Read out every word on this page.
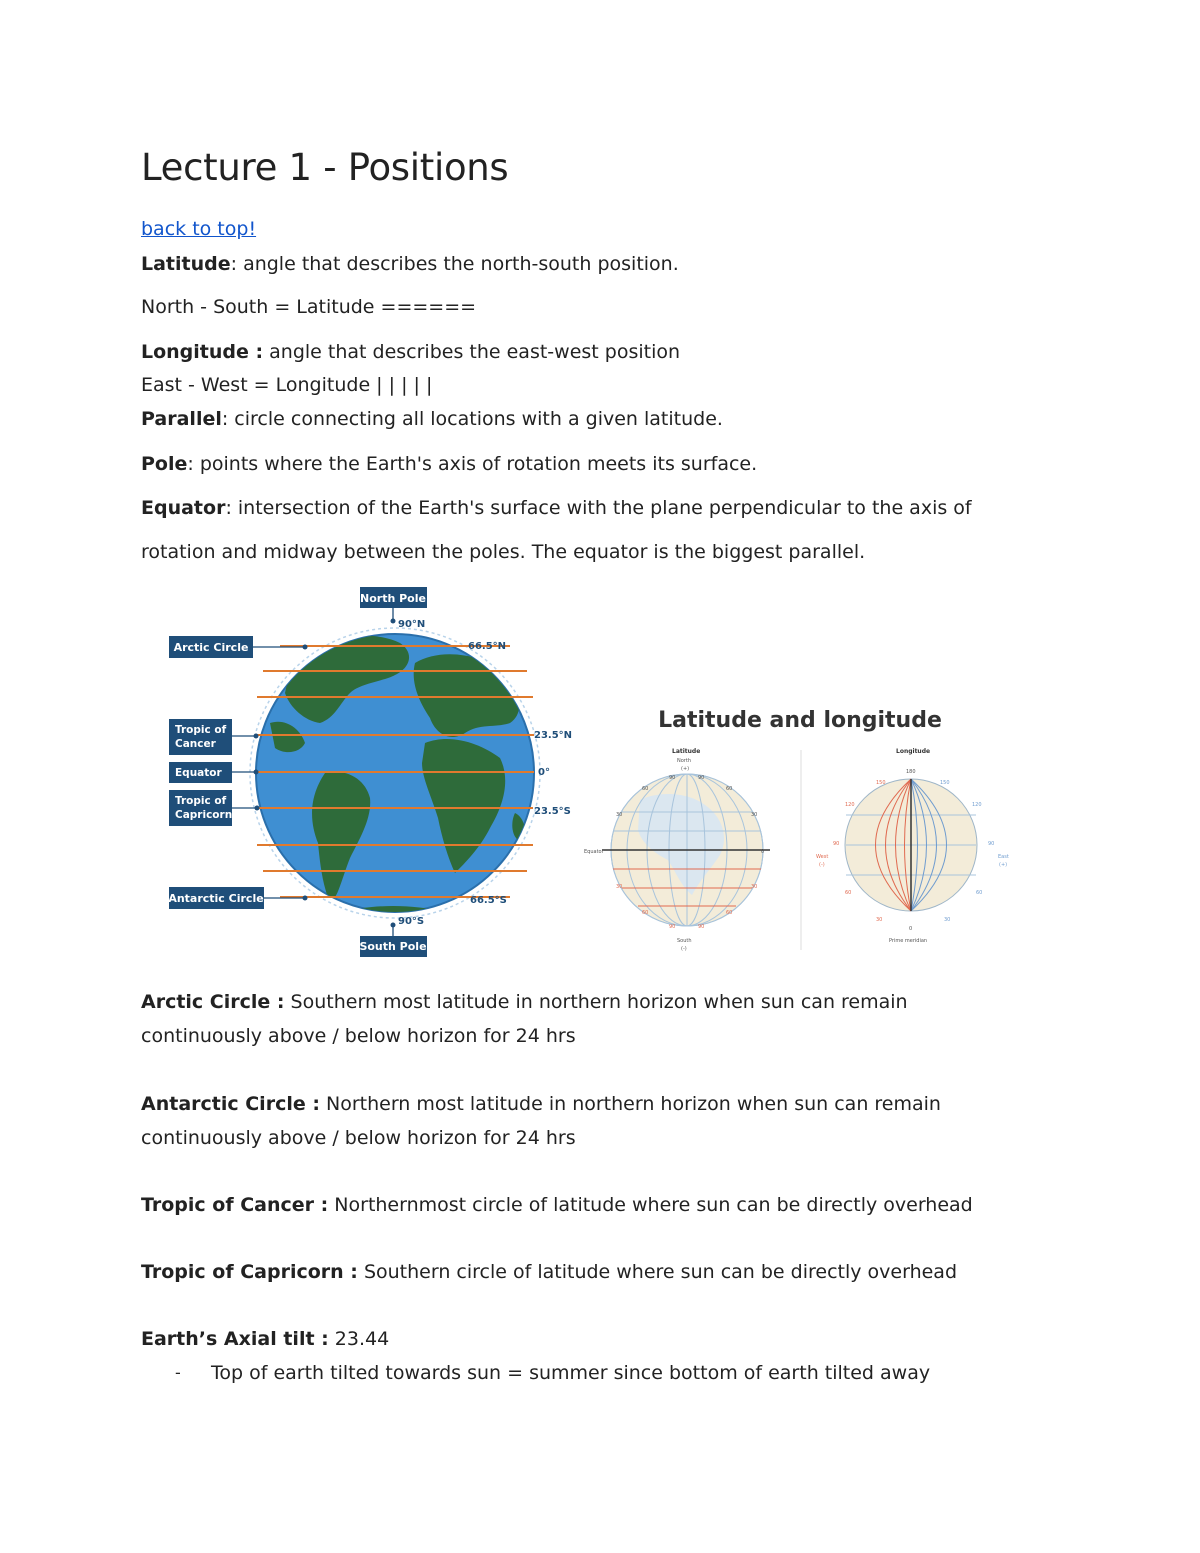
Lecture 1 - Positions
back to top!

Latitude: angle that describes the north-south position.

North - South = Latitude ======

Longitude : angle that describes the east-west position

East - West = Longitude | | | | |

Parallel: circle connecting all locations with a given latitude.

Pole: points where the Earth's axis of rotation meets its surface.

Equator: intersection of the Earth's surface with the plane perpendicular to the axis of

rotation and midway between the poles. The equator is the biggest parallel.

North Pole
90°N
66.5°N
23.5°N
0°
23.5°S
66.5°S
90°S
South Pole
Arctic Circle
Tropic of
Cancer
Equator
Tropic of
Capricorn
Antarctic Circle
Latitude and longitude
Latitude
North
(+)
90	90
60	60
30	30
Equator	0
30	30
60	60
90	90
South
(-)
Longitude
180
150	150
120	120
90	90
West
(-)
East
(+)
60	60
30	30
0
Prime meridian

Arctic Circle : Southern most latitude in northern horizon when sun can remain

continuously above / below horizon for 24 hrs

Antarctic Circle : Northern most latitude in northern horizon when sun can remain

continuously above / below horizon for 24 hrs

Tropic of Cancer : Northernmost circle of latitude where sun can be directly overhead

Tropic of Capricorn : Southern circle of latitude where sun can be directly overhead

Earth’s Axial tilt : 23.44

- Top of earth tilted towards sun = summer since bottom of earth tilted away
